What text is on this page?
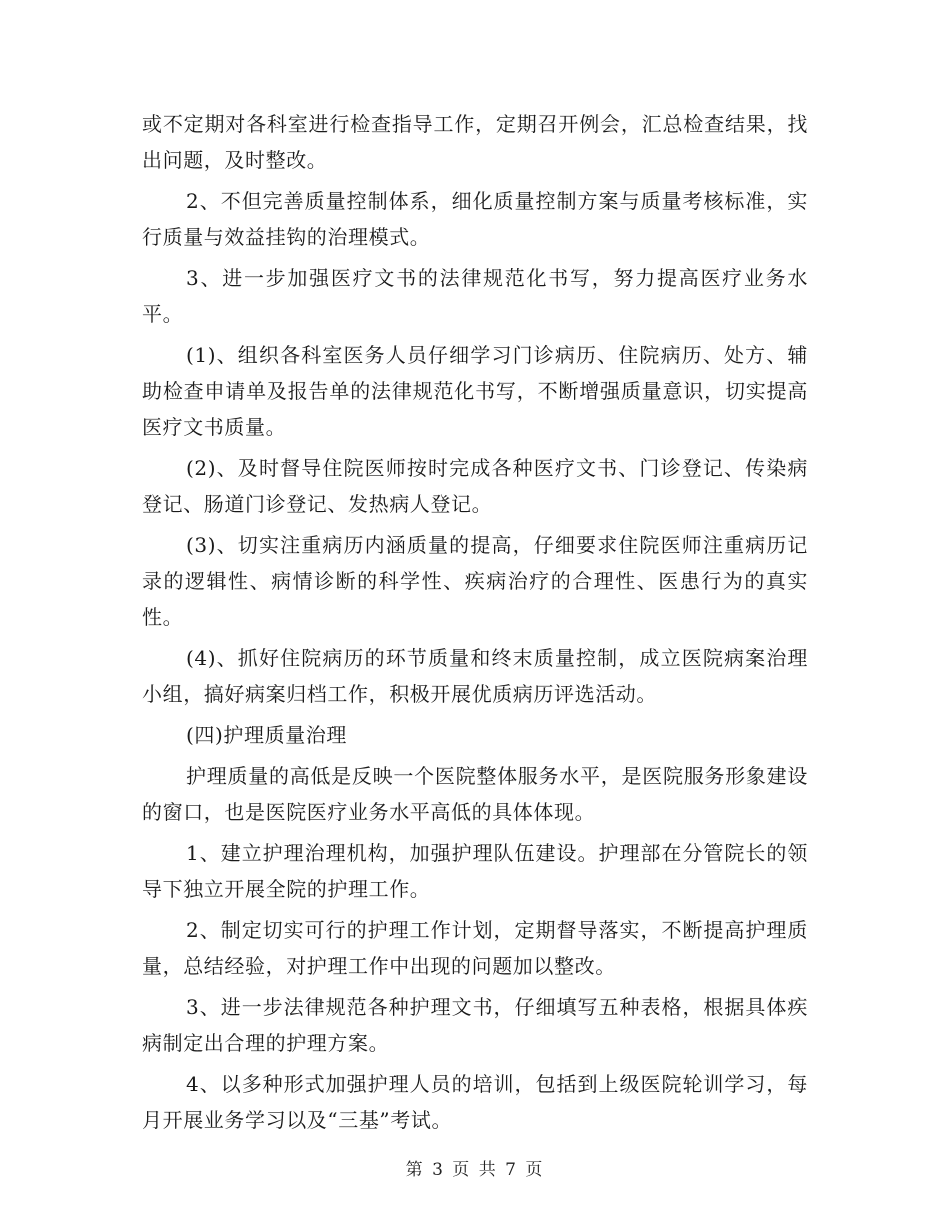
或不定期对各科室进行检查指导工作，定期召开例会，汇总检查结果，找出问题，及时整改。

2、不但完善质量控制体系，细化质量控制方案与质量考核标准，实行质量与效益挂钩的治理模式。

3、进一步加强医疗文书的法律规范化书写，努力提高医疗业务水平。

(1)、组织各科室医务人员仔细学习门诊病历、住院病历、处方、辅助检查申请单及报告单的法律规范化书写，不断增强质量意识，切实提高医疗文书质量。

(2)、及时督导住院医师按时完成各种医疗文书、门诊登记、传染病登记、肠道门诊登记、发热病人登记。

(3)、切实注重病历内涵质量的提高，仔细要求住院医师注重病历记录的逻辑性、病情诊断的科学性、疾病治疗的合理性、医患行为的真实性。

(4)、抓好住院病历的环节质量和终末质量控制，成立医院病案治理小组，搞好病案归档工作，积极开展优质病历评选活动。

(四)护理质量治理

护理质量的高低是反映一个医院整体服务水平，是医院服务形象建设的窗口，也是医院医疗业务水平高低的具体体现。

1、建立护理治理机构，加强护理队伍建设。护理部在分管院长的领导下独立开展全院的护理工作。

2、制定切实可行的护理工作计划，定期督导落实，不断提高护理质量，总结经验，对护理工作中出现的问题加以整改。

3、进一步法律规范各种护理文书，仔细填写五种表格，根据具体疾病制定出合理的护理方案。

4、以多种形式加强护理人员的培训，包括到上级医院轮训学习，每月开展业务学习以及“三基”考试。

第 3 页 共 7 页
